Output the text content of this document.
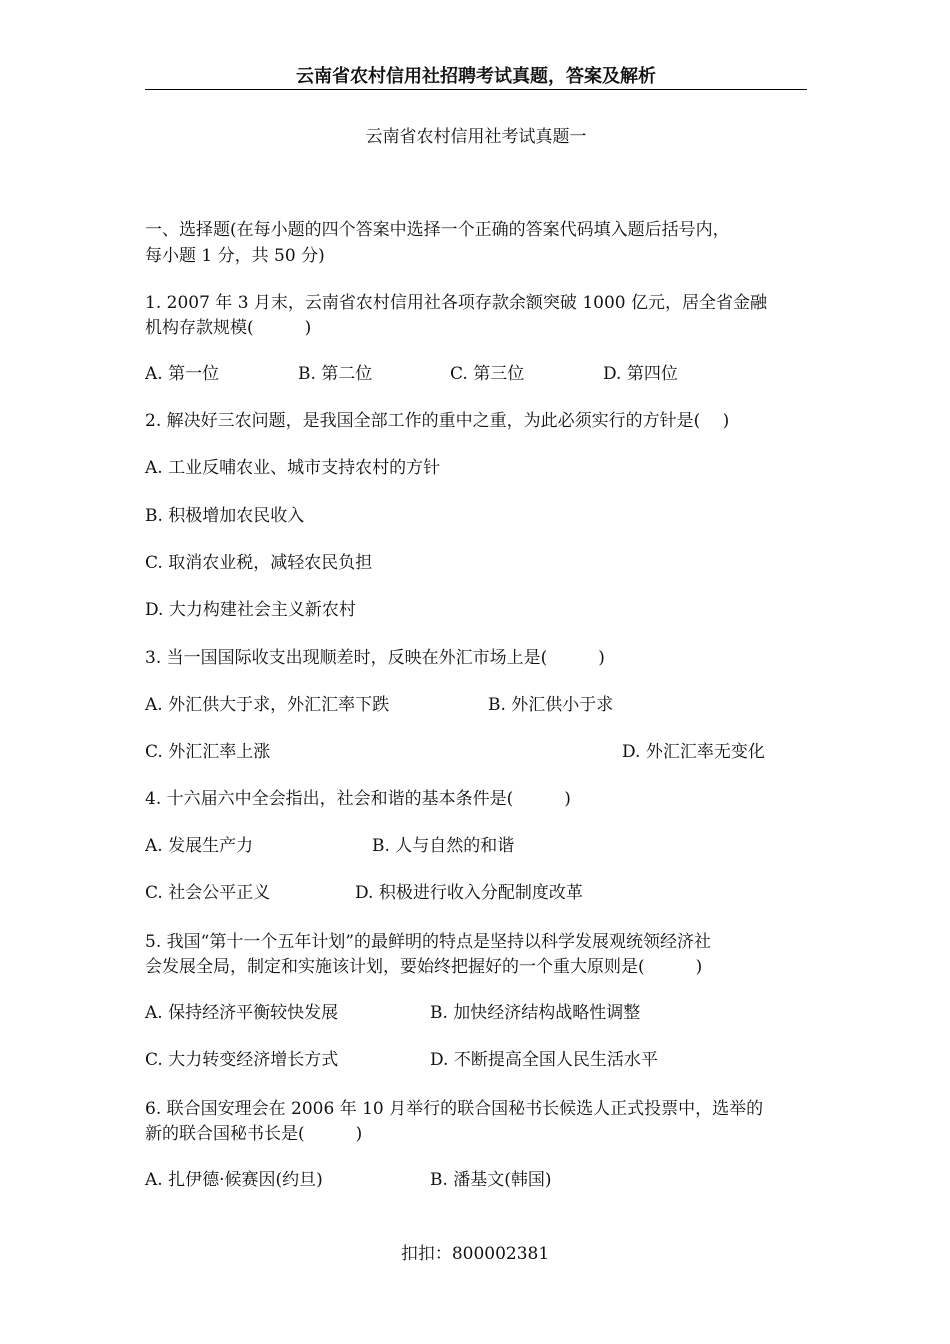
云南省农村信用社招聘考试真题，答案及解析
云南省农村信用社考试真题一
一、选择题(在每小题的四个答案中选择一个正确的答案代码填入题后括号内，
每小题 1 分，共 50 分)
1. 2007 年 3 月末，云南省农村信用社各项存款余额突破 1000 亿元，居全省金融
机构存款规模(　　　)
A. 第一位	B. 第二位	C. 第三位	D. 第四位
2. 解决好三农问题，是我国全部工作的重中之重，为此必须实行的方针是(　 )
A. 工业反哺农业、城市支持农村的方针
B. 积极增加农民收入
C. 取消农业税，减轻农民负担
D. 大力构建社会主义新农村
3. 当一国国际收支出现顺差时，反映在外汇市场上是(　　　)
A. 外汇供大于求，外汇汇率下跌	B. 外汇供小于求
C. 外汇汇率上涨	D. 外汇汇率无变化
4. 十六届六中全会指出，社会和谐的基本条件是(　　　)
A. 发展生产力	B. 人与自然的和谐
C. 社会公平正义	D. 积极进行收入分配制度改革
5. 我国“第十一个五年计划”的最鲜明的特点是坚持以科学发展观统领经济社
会发展全局，制定和实施该计划，要始终把握好的一个重大原则是(　　　)
A. 保持经济平衡较快发展	B. 加快经济结构战略性调整
C. 大力转变经济增长方式	D. 不断提高全国人民生活水平
6. 联合国安理会在 2006 年 10 月举行的联合国秘书长候选人正式投票中，选举的
新的联合国秘书长是(　　　)
A. 扎伊德·候赛因(约旦)	B. 潘基文(韩国)
扣扣：800002381
